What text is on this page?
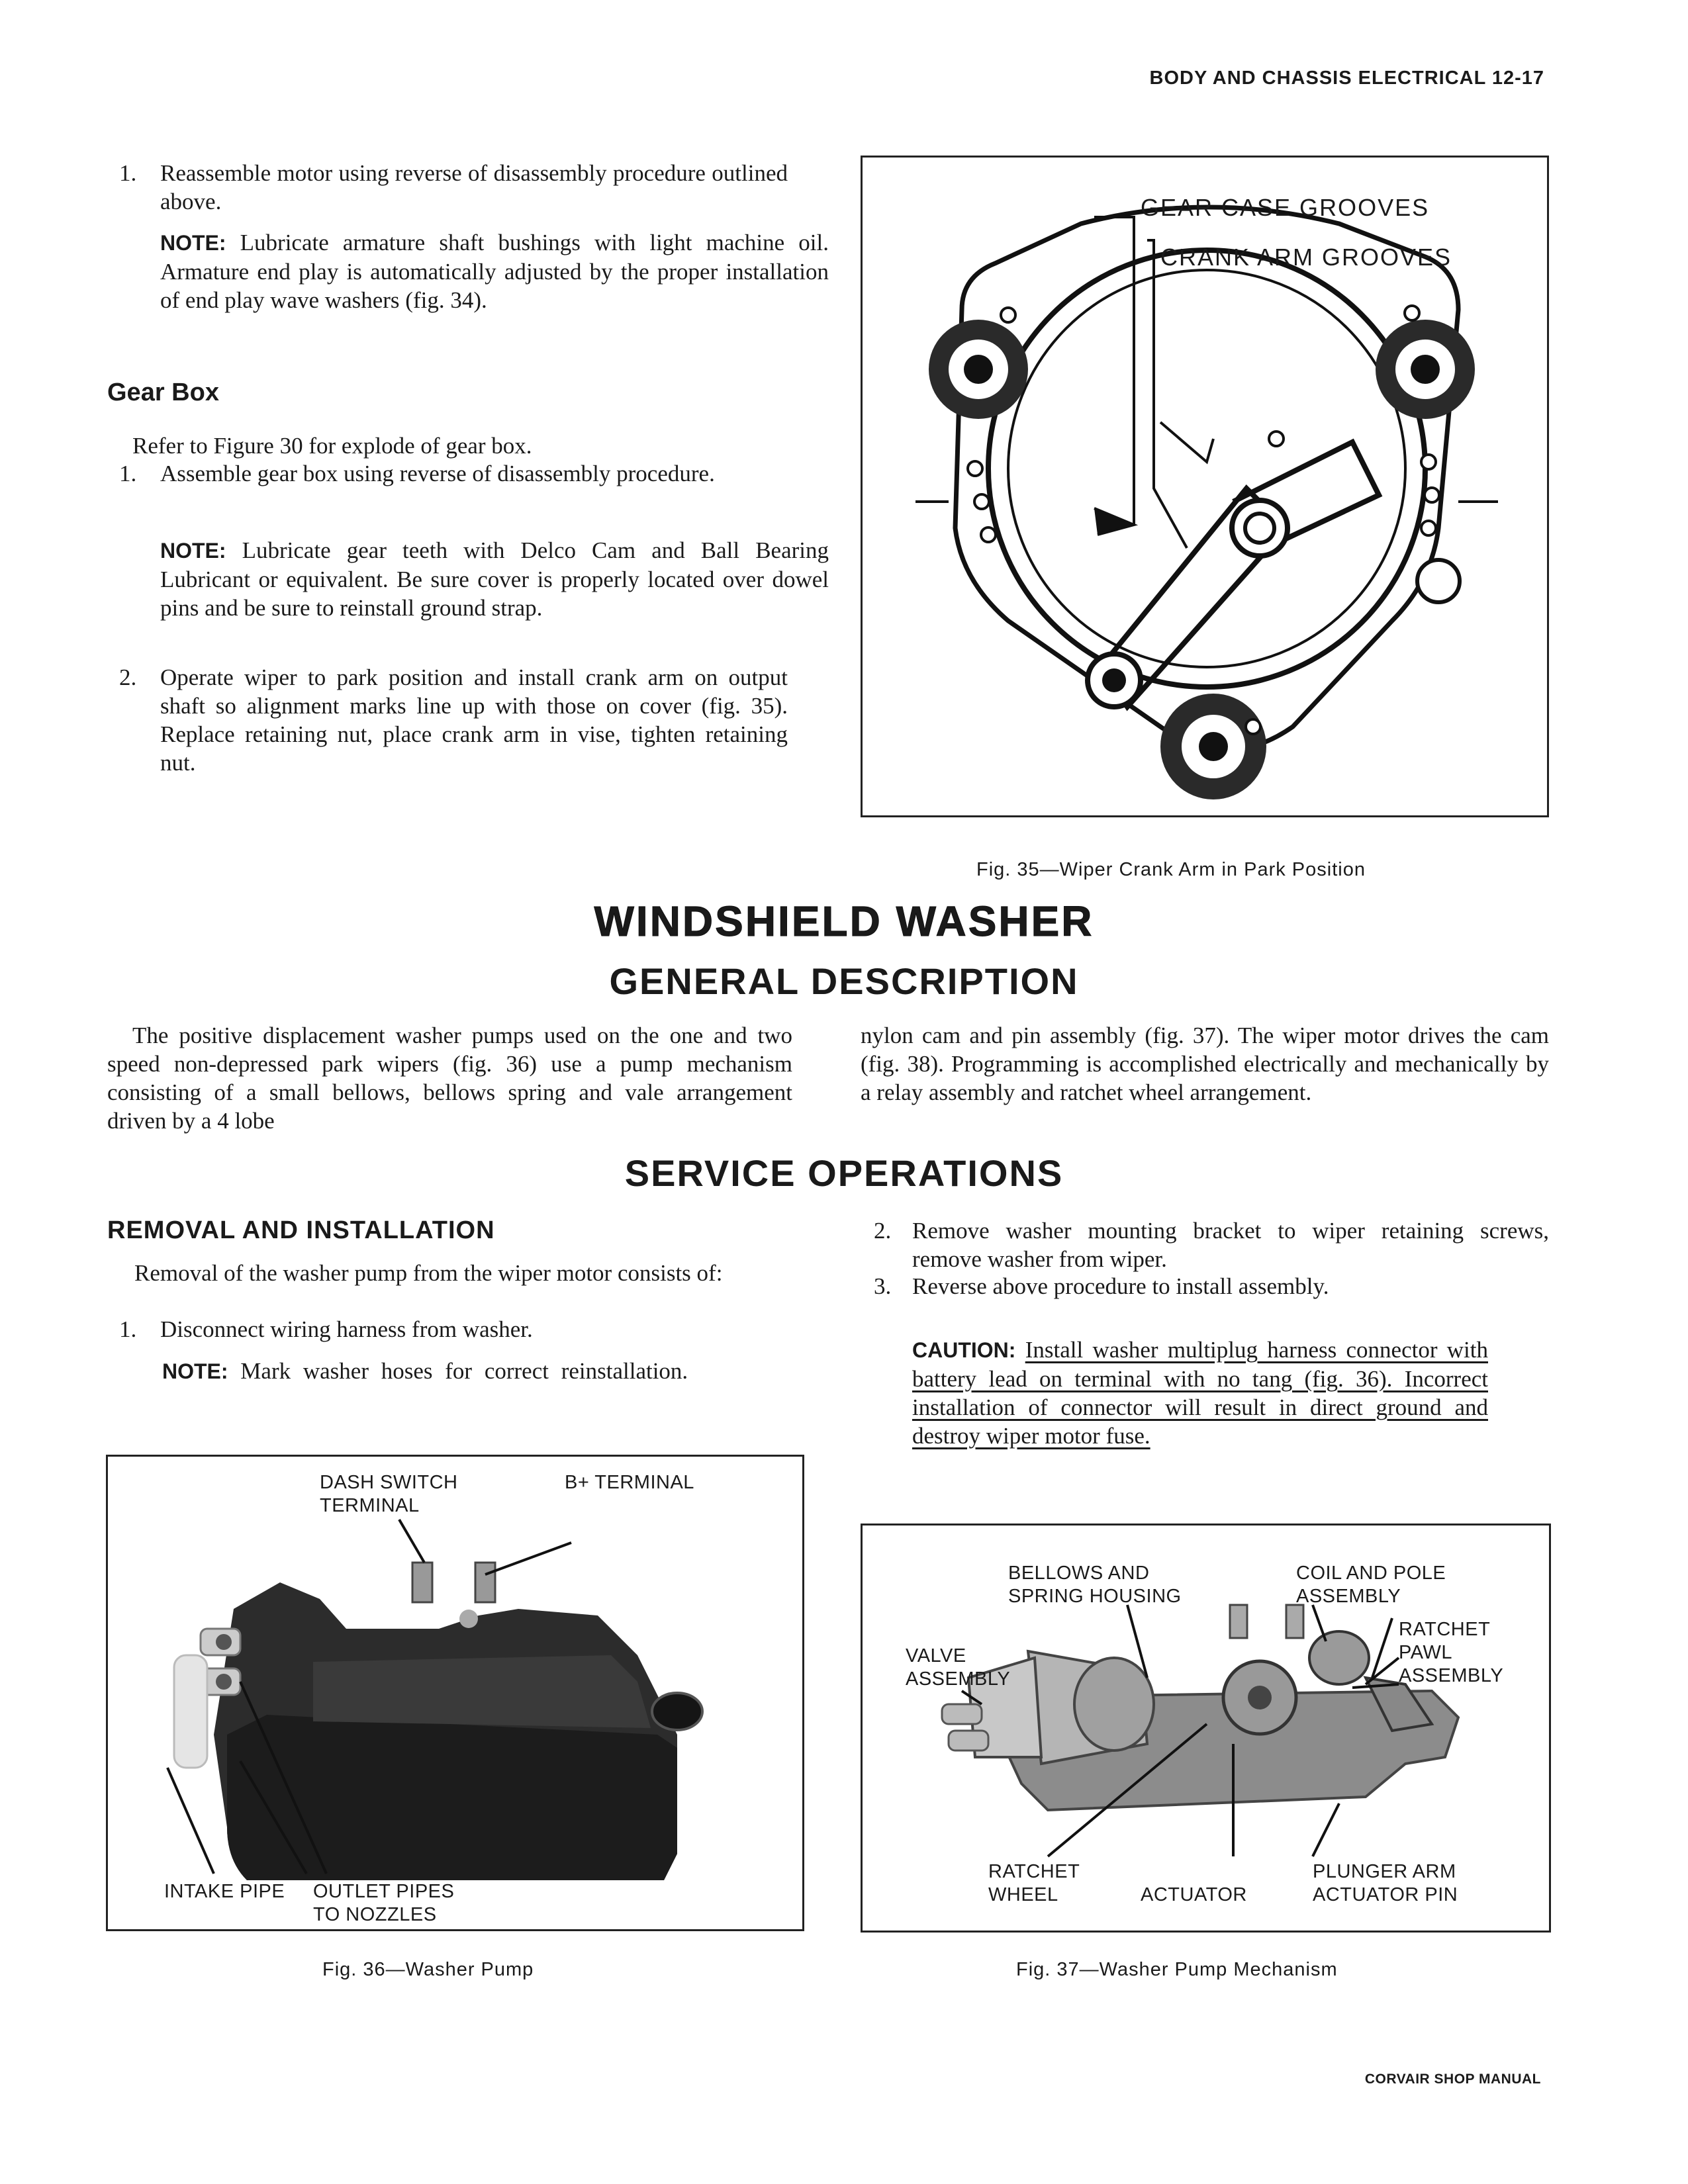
BODY AND CHASSIS ELECTRICAL 12-17
1. Reassemble motor using reverse of disassembly procedure outlined above.
NOTE: Lubricate armature shaft bushings with light machine oil. Armature end play is automatically adjusted by the proper installation of end play wave washers (fig. 34).
Gear Box
Refer to Figure 30 for explode of gear box.
1. Assemble gear box using reverse of disassembly procedure.
NOTE: Lubricate gear teeth with Delco Cam and Ball Bearing Lubricant or equivalent. Be sure cover is properly located over dowel pins and be sure to reinstall ground strap.
2. Operate wiper to park position and install crank arm on output shaft so alignment marks line up with those on cover (fig. 35). Replace retaining nut, place crank arm in vise, tighten retaining nut.
GEAR CASE GROOVES
CRANK ARM GROOVES
Fig. 35—Wiper Crank Arm in Park Position
WINDSHIELD WASHER
GENERAL DESCRIPTION
The positive displacement washer pumps used on the one and two speed non-depressed park wipers (fig. 36) use a pump mechanism consisting of a small bellows, bellows spring and vale arrangement driven by a 4 lobe
nylon cam and pin assembly (fig. 37). The wiper motor drives the cam (fig. 38). Programming is accomplished electrically and mechanically by a relay assembly and ratchet wheel arrangement.
SERVICE OPERATIONS
REMOVAL AND INSTALLATION
Removal of the washer pump from the wiper motor consists of:
1. Disconnect wiring harness from washer.
NOTE: Mark washer hoses for correct reinstallation.
2. Remove washer mounting bracket to wiper retaining screws, remove washer from wiper.
3. Reverse above procedure to install assembly.
CAUTION: Install washer multiplug harness connector with battery lead on terminal with no tang (fig. 36). Incorrect installation of connector will result in direct ground and destroy wiper motor fuse.
DASH SWITCH
TERMINAL
B+ TERMINAL
INTAKE PIPE OUTLET PIPES
TO NOZZLES
Fig. 36—Washer Pump
BELLOWS AND
SPRING HOUSING
COIL AND POLE
ASSEMBLY
VALVE
ASSEMBLY
RATCHET
PAWL
ASSEMBLY
RATCHET
WHEEL	ACTUATOR
PLUNGER ARM
ACTUATOR PIN
Fig. 37—Washer Pump Mechanism
CORVAIR SHOP MANUAL
